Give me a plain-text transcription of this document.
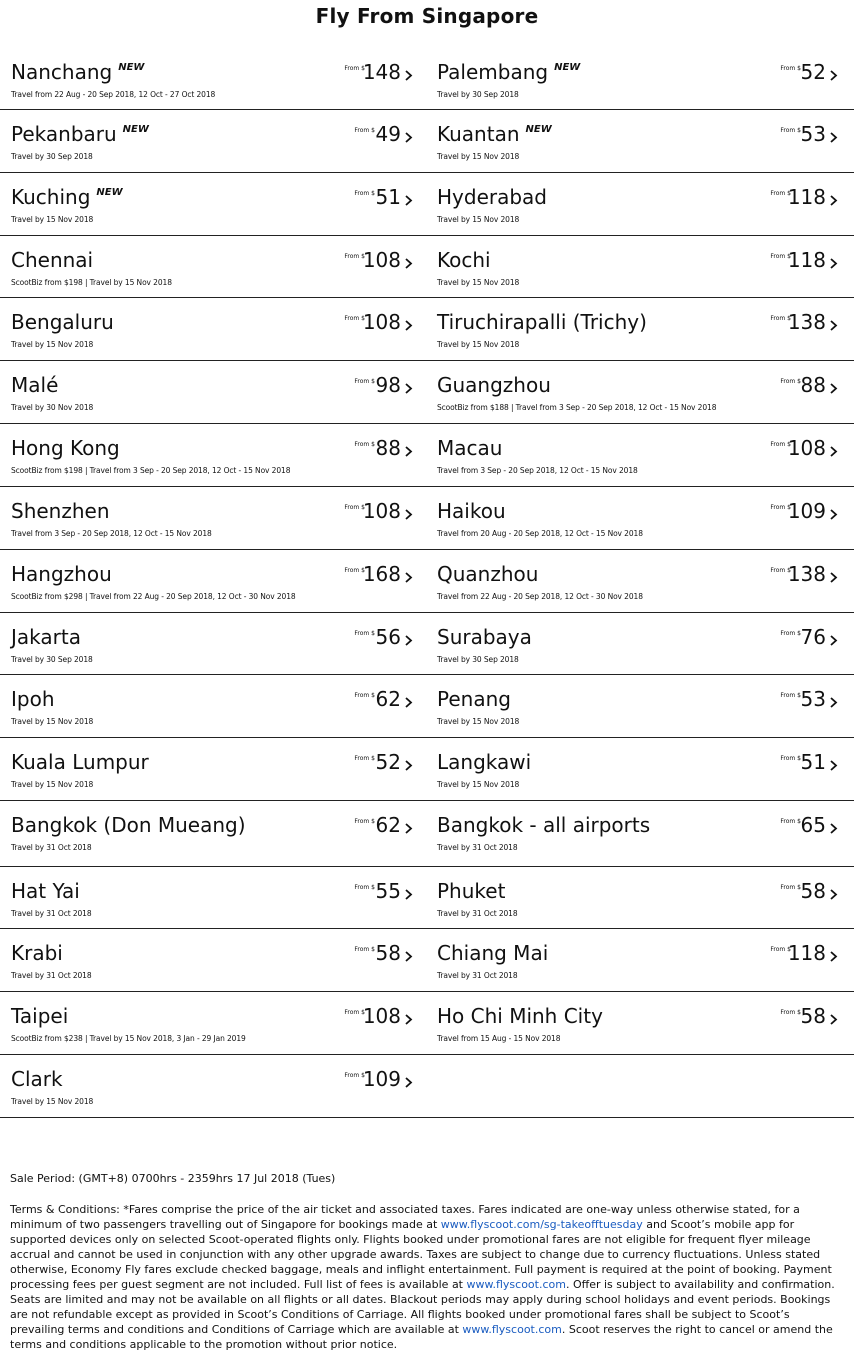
Fly From Singapore
Nanchang $^{NEW}$
Travel from 22 Aug - 20 Sep 2018, 12 Oct - 27 Oct 2018
From $
148 Palembang $^{NEW}$
Travel by 30 Sep 2018
From $ 52
Pekanbaru $^{NEW}$
Travel by 30 Sep 2018
From $ 49 Kuantan $^{NEW}$
Travel by 15 Nov 2018
From $ 53
Kuching $^{NEW}$
Travel by 15 Nov 2018
From $ 51 Hyderabad
Travel by 15 Nov 2018
From $
118
Chennai
ScootBiz from $198 | Travel by 15 Nov 2018
From $
108 Kochi
Travel by 15 Nov 2018
From $
118
Bengaluru
Travel by 15 Nov 2018
From $
108 Tiruchirapalli (Trichy)
Travel by 15 Nov 2018
From $
138
Malé
Travel by 30 Nov 2018
From $ 98 Guangzhou
ScootBiz from $188 | Travel from 3 Sep - 20 Sep 2018, 12 Oct - 15 Nov 2018
From $ 88
Hong Kong
ScootBiz from $198 | Travel from 3 Sep - 20 Sep 2018, 12 Oct - 15 Nov 2018
From $ 88 Macau
Travel from 3 Sep - 20 Sep 2018, 12 Oct - 15 Nov 2018
From $
108
Shenzhen
Travel from 3 Sep - 20 Sep 2018, 12 Oct - 15 Nov 2018
From $
108 Haikou
Travel from 20 Aug - 20 Sep 2018, 12 Oct - 15 Nov 2018
From $
109
Hangzhou
ScootBiz from $298 | Travel from 22 Aug - 20 Sep 2018, 12 Oct - 30 Nov 2018
From $
168 Quanzhou
Travel from 22 Aug - 20 Sep 2018, 12 Oct - 30 Nov 2018
From $
138
Jakarta
Travel by 30 Sep 2018
From $ 56 Surabaya
Travel by 30 Sep 2018
From $ 76
Ipoh
Travel by 15 Nov 2018
From $ 62 Penang
Travel by 15 Nov 2018
From $ 53
Kuala Lumpur
Travel by 15 Nov 2018
From $ 52 Langkawi
Travel by 15 Nov 2018
From $ 51
Bangkok (Don Mueang)
Travel by 31 Oct 2018
From $ 62 Bangkok - all airports
Travel by 31 Oct 2018
From $ 65
Hat Yai
Travel by 31 Oct 2018
From $ 55 Phuket
Travel by 31 Oct 2018
From $ 58
Krabi
Travel by 31 Oct 2018
From $ 58 Chiang Mai
Travel by 31 Oct 2018
From $
118
Taipei
ScootBiz from $238 | Travel by 15 Nov 2018, 3 Jan - 29 Jan 2019
From $
108 Ho Chi Minh City
Travel from 15 Aug - 15 Nov 2018
From $ 58
Clark
Travel by 15 Nov 2018
From $
109
Sale Period: (GMT+8) 0700hrs - 2359hrs 17 Jul 2018 (Tues)
Terms & Conditions: *Fares comprise the price of the air ticket and associated taxes. Fares indicated are one-way unless otherwise stated, for a minimum of two passengers travelling out of Singapore for bookings made at www.flyscoot.com/sg-takeofftuesday and Scoot’s mobile app for supported devices only on selected Scoot-operated flights only. Flights booked under promotional fares are not eligible for frequent flyer mileage accrual and cannot be used in conjunction with any other upgrade awards. Taxes are subject to change due to currency fluctuations. Unless stated otherwise, Economy Fly fares exclude checked baggage, meals and inflight entertainment. Full payment is required at the point of booking. Payment processing fees per guest segment are not included. Full list of fees is available at www.flyscoot.com. Offer is subject to availability and confirmation. Seats are limited and may not be available on all flights or all dates. Blackout periods may apply during school holidays and event periods. Bookings are not refundable except as provided in Scoot’s Conditions of Carriage. All flights booked under promotional fares shall be subject to Scoot’s prevailing terms and conditions and Conditions of Carriage which are available at www.flyscoot.com. Scoot reserves the right to cancel or amend the terms and conditions applicable to the promotion without prior notice.
